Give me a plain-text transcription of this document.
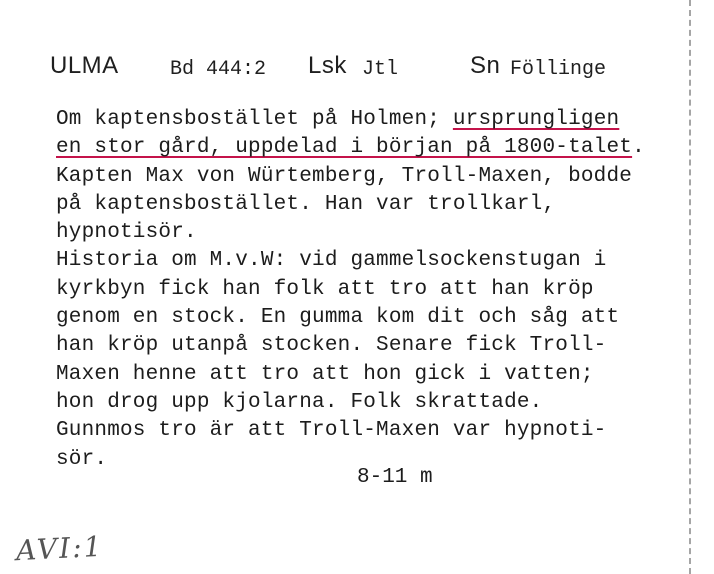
ULMA	Bd 444:2 Lsk Jtl	Sn Föllinge
Om kaptensbostället på Holmen; ursprungligen
en stor gård, uppdelad i början på 1800-talet.
Kapten Max von Würtemberg, Troll-Maxen, bodde
på kaptensbostället. Han var trollkarl,
hypnotisör.
Historia om M.v.W: vid gammelsockenstugan i
kyrkbyn fick han folk att tro att han kröp
genom en stock. En gumma kom dit och såg att
han kröp utanpå stocken. Senare fick Troll-
Maxen henne att tro att hon gick i vatten;
hon drog upp kjolarna. Folk skrattade.
Gunnmos tro är att Troll-Maxen var hypnoti-
sör.
8-11 m
AVI:1
